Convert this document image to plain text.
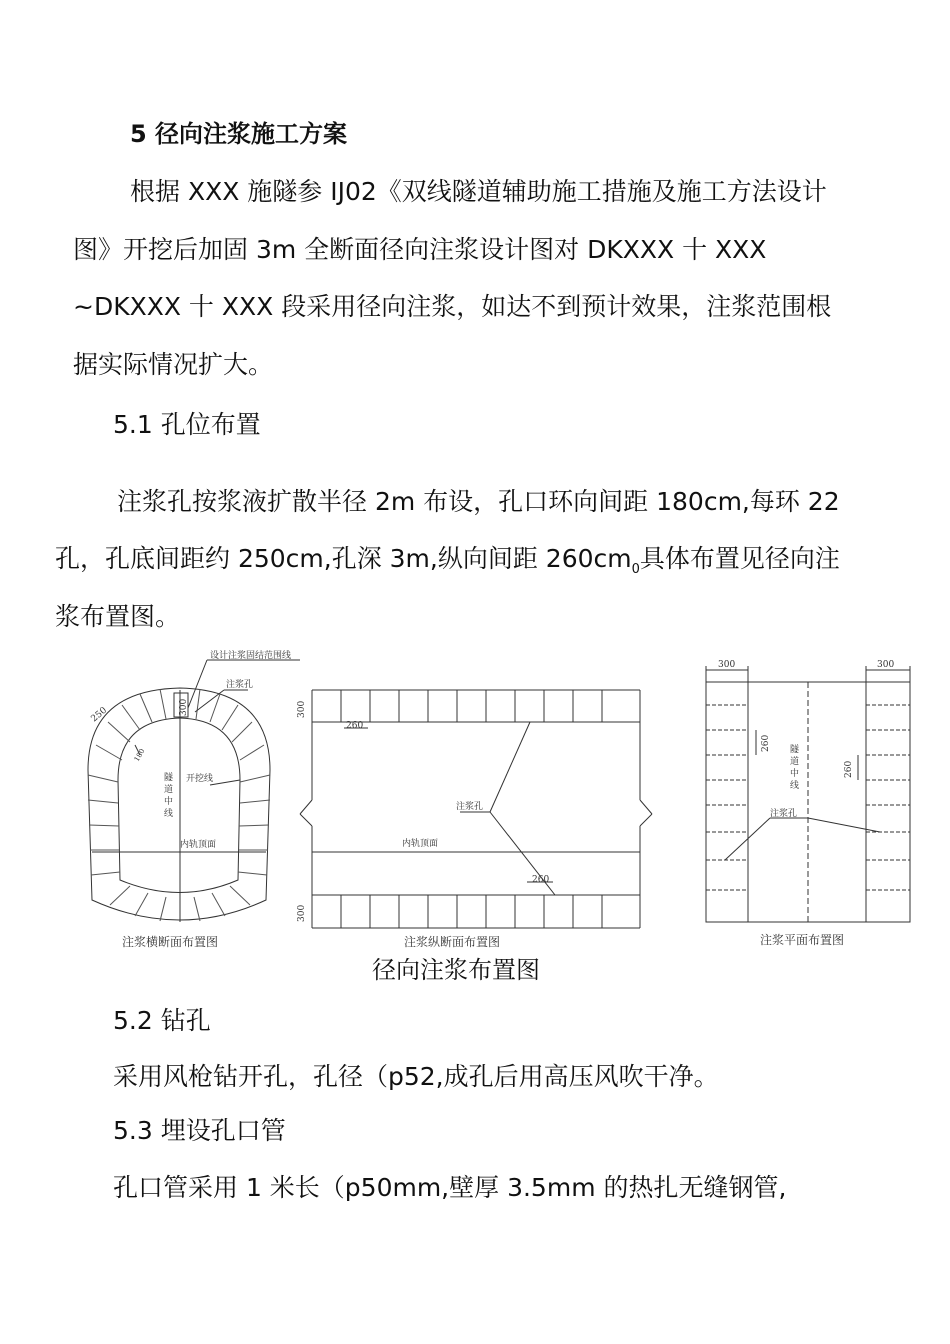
5 径向注浆施工方案
根据 XXX 施隧参 IJ02《双线隧道辅助施工措施及施工方法设计
图》开挖后加固 3m 全断面径向注浆设计图对 DKXXX 十 XXX
~DKXXX 十 XXX 段采用径向注浆，如达不到预计效果，注浆范围根
据实际情况扩大。
5.1 孔位布置
注浆孔按浆液扩散半径 2m 布设，孔口环向间距 180cm,每环 22
孔，孔底间距约 250cm,孔深 3m,纵向间距 $260cm_0$具体布置见径向注
浆布置图。
设计注浆固结范围线
注浆孔
250	300
180
隧
道
中
线
开挖线
内轨顶面
注浆横断面布置图
300
260
注浆孔
内轨顶面
260
300
注浆纵断面布置图
300	300
260
260
隧
道
中
线
注浆孔
注浆平面布置图
径向注浆布置图
5.2 钻孔
采用风枪钻开孔，孔径（p52,成孔后用高压风吹干净。
5.3 埋设孔口管
孔口管采用 1 米长（p50mm,壁厚 3.5mm 的热扎无缝钢管,
